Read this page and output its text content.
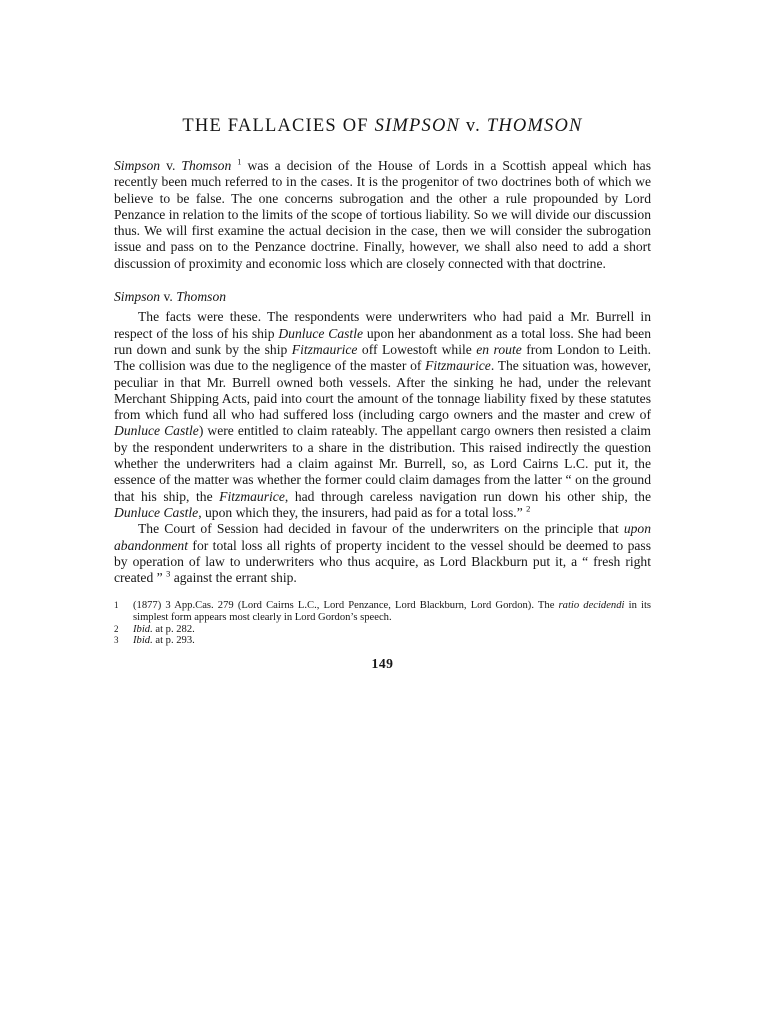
THE FALLACIES OF SIMPSON v. THOMSON

Simpson v. Thomson $^1$ was a decision of the House of Lords in a Scottish appeal which has recently been much referred to in the cases. It is the progenitor of two doctrines both of which we believe to be false. The one concerns subrogation and the other a rule propounded by Lord Penzance in relation to the limits of the scope of tortious liability. So we will divide our discussion thus. We will first examine the actual decision in the case, then we will consider the subrogation issue and pass on to the Penzance doctrine. Finally, however, we shall also need to add a short discussion of proximity and economic loss which are closely connected with that doctrine.

Simpson v. Thomson

The facts were these. The respondents were underwriters who had paid a Mr. Burrell in respect of the loss of his ship Dunluce Castle upon her abandonment as a total loss. She had been run down and sunk by the ship Fitzmaurice off Lowestoft while en route from London to Leith. The collision was due to the negligence of the master of Fitzmaurice. The situation was, however, peculiar in that Mr. Burrell owned both vessels. After the sinking he had, under the relevant Merchant Shipping Acts, paid into court the amount of the tonnage liability fixed by these statutes from which fund all who had suffered loss (including cargo owners and the master and crew of Dunluce Castle) were entitled to claim rateably. The appellant cargo owners then resisted a claim by the respondent underwriters to a share in the distribution. This raised indirectly the question whether the underwriters had a claim against Mr. Burrell, so, as Lord Cairns L.C. put it, the essence of the matter was whether the former could claim damages from the latter “ on the ground that his ship, the Fitzmaurice, had through careless navigation run down his other ship, the Dunluce Castle, upon which they, the insurers, had paid as for a total loss.” $^2$

The Court of Session had decided in favour of the underwriters on the principle that upon abandonment for total loss all rights of property incident to the vessel should be deemed to pass by operation of law to underwriters who thus acquire, as Lord Blackburn put it, a “ fresh right created ” $^3$ against the errant ship.

1 (1877) 3 App.Cas. 279 (Lord Cairns L.C., Lord Penzance, Lord Blackburn, Lord Gordon). The ratio decidendi in its simplest form appears most clearly in Lord Gordon’s speech.

2 Ibid. at p. 282.

3 Ibid. at p. 293.

149
